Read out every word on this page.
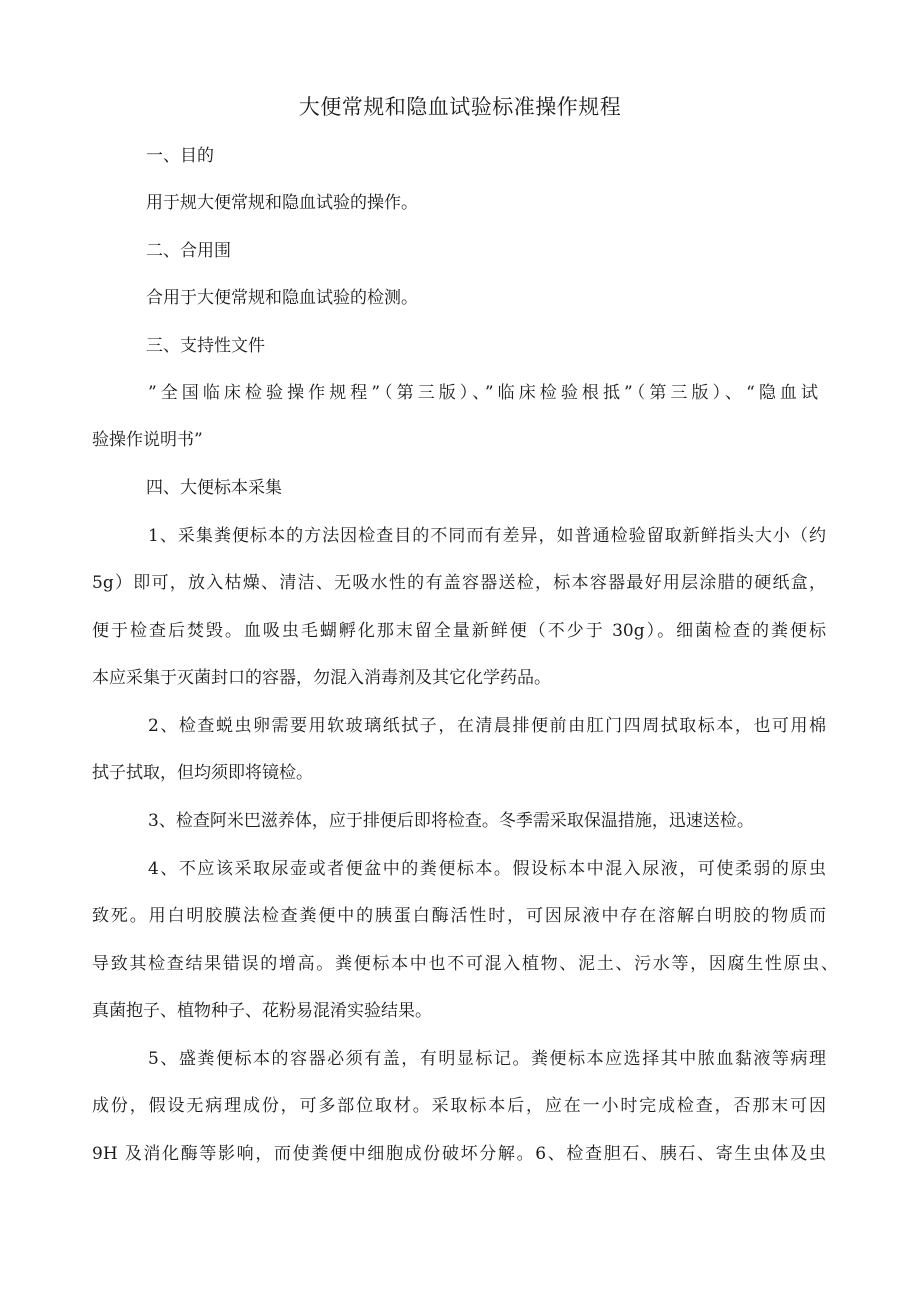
大便常规和隐血试验标准操作规程
一、目的
用于规大便常规和隐血试验的操作。
二、合用围
合用于大便常规和隐血试验的检测。
三、支持性文件
”全国临床检验操作规程”（第三版）、”临床检验根抵”（第三版）、“隐血试
验操作说明书”
四、大便标本采集
1、采集粪便标本的方法因检查目的不同而有差异，如普通检验留取新鲜指头大小（约
5g）即可，放入枯燥、清洁、无吸水性的有盖容器送检，标本容器最好用层涂腊的硬纸盒，
便于检查后焚毁。血吸虫毛蝴孵化那末留全量新鲜便（不少于 30g）。细菌检查的粪便标
本应采集于灭菌封口的容器，勿混入消毒剂及其它化学药品。
2、检查蜕虫卵需要用软玻璃纸拭子，在清晨排便前由肛门四周拭取标本，也可用棉
拭子拭取，但均须即将镜检。
3、检查阿米巴滋养体，应于排便后即将检查。冬季需采取保温措施，迅速送检。
4、不应该采取尿壶或者便盆中的粪便标本。假设标本中混入尿液，可使柔弱的原虫
致死。用白明胶膜法检查粪便中的胰蛋白酶活性时，可因尿液中存在溶解白明胶的物质而
导致其检查结果错误的增高。粪便标本中也不可混入植物、泥土、污水等，因腐生性原虫、
真菌抱子、植物种子、花粉易混淆实验结果。
5、盛粪便标本的容器必须有盖，有明显标记。粪便标本应选择其中脓血黏液等病理
成份，假设无病理成份，可多部位取材。采取标本后，应在一小时完成检查，否那末可因
9H 及消化酶等影响，而使粪便中细胞成份破坏分解。6、检查胆石、胰石、寄生虫体及虫
